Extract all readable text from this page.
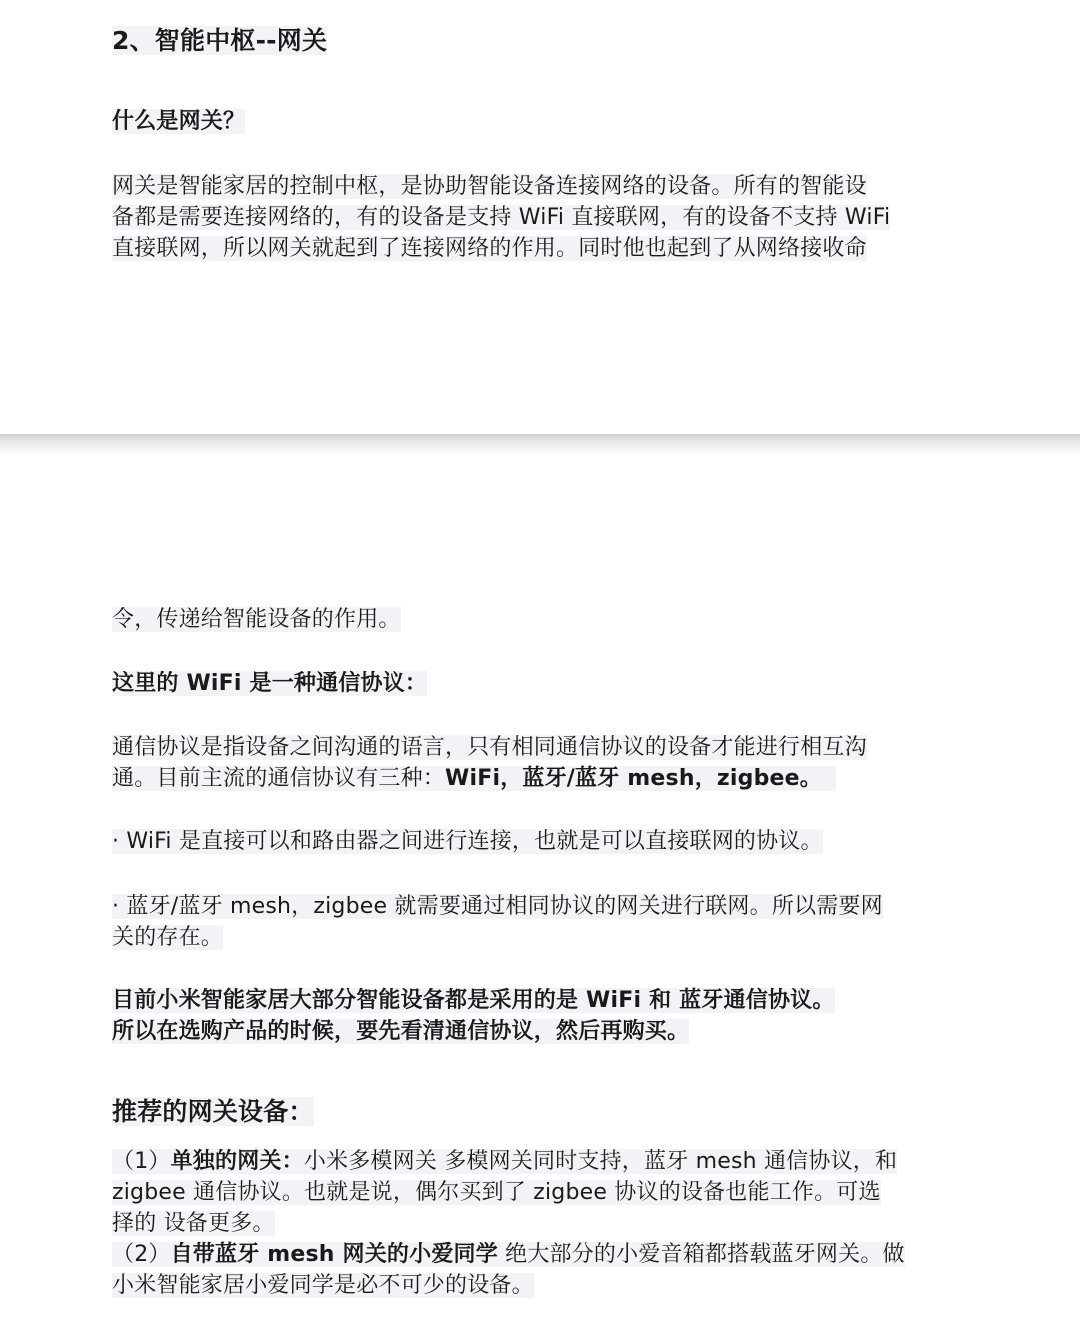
2、智能中枢--网关

什么是网关？

网关是智能家居的控制中枢，是协助智能设备连接网络的设备。所有的智能设
备都是需要连接网络的，有的设备是支持 WiFi 直接联网，有的设备不支持 WiFi
直接联网，所以网关就起到了连接网络的作用。同时他也起到了从网络接收命

令，传递给智能设备的作用。

这里的 WiFi 是一种通信协议：

通信协议是指设备之间沟通的语言，只有相同通信协议的设备才能进行相互沟
通。目前主流的通信协议有三种：WiFi，蓝牙/蓝牙 mesh，zigbee。

· WiFi 是直接可以和路由器之间进行连接，也就是可以直接联网的协议。

· 蓝牙/蓝牙 mesh，zigbee 就需要通过相同协议的网关进行联网。所以需要网
关的存在。
目前小米智能家居大部分智能设备都是采用的是 WiFi 和 蓝牙通信协议。
所以在选购产品的时候，要先看清通信协议，然后再购买。

推荐的网关设备：

（1）单独的网关：小米多模网关 多模网关同时支持，蓝牙 mesh 通信协议，和
zigbee 通信协议。也就是说，偶尔买到了 zigbee 协议的设备也能工作。可选
择的 设备更多。
（2）自带蓝牙 mesh 网关的小爱同学 绝大部分的小爱音箱都搭载蓝牙网关。做
小米智能家居小爱同学是必不可少的设备。
